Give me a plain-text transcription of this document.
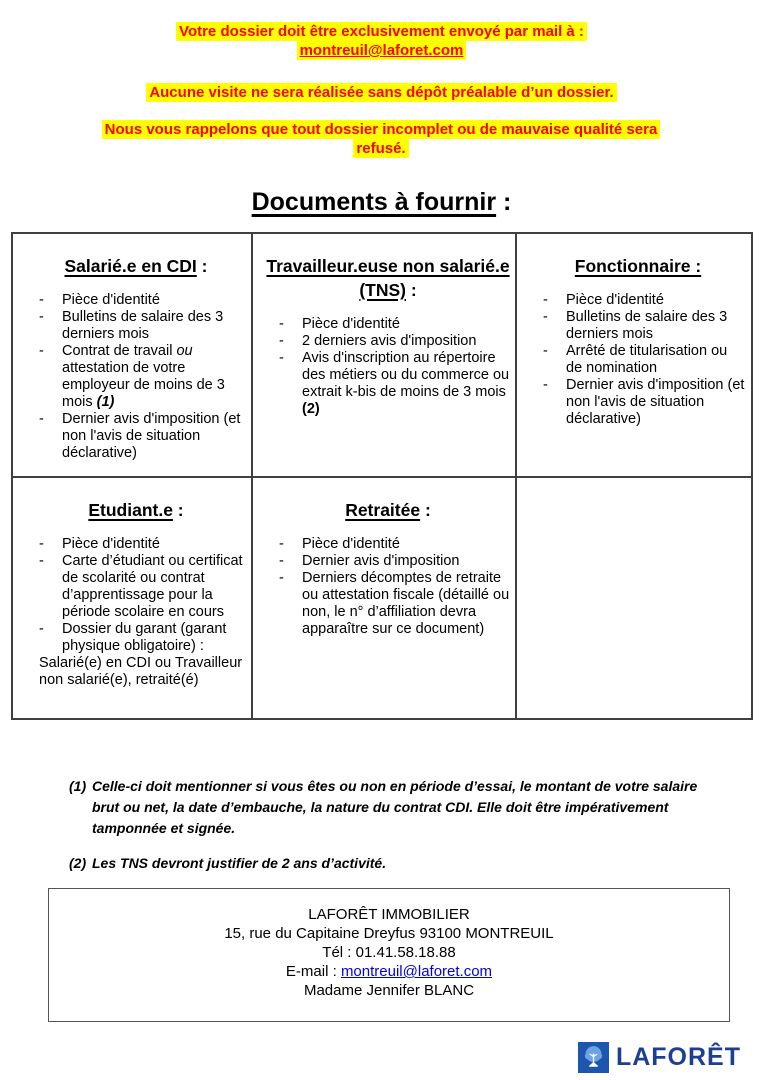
Votre dossier doit être exclusivement envoyé par mail à :
montreuil@laforet.com

Aucune visite ne sera réalisée sans dépôt préalable d’un dossier.

Nous vous rappelons que tout dossier incomplet ou de mauvaise qualité sera refusé.

Documents à fournir :
Salarié.e en CDI :
-	Pièce d'identité
-	Bulletins de salaire des 3 derniers mois
-	Contrat de travail ou attestation de votre employeur de moins de 3 mois (1)
-	Dernier avis d'imposition (et non l'avis de situation déclarative)

Travailleur.euse non salarié.e (TNS) :
-	Pièce d'identité
-	2 derniers avis d'imposition
-	Avis d'inscription au répertoire des métiers ou du commerce ou extrait k-bis de moins de 3 mois (2)

Fonctionnaire :
-	Pièce d'identité
-	Bulletins de salaire des 3 derniers mois
-	Arrêté de titularisation ou de nomination
-	Dernier avis d'imposition (et non l'avis de situation déclarative)

Etudiant.e :
-	Pièce d'identité
-	Carte d’étudiant ou certificat de scolarité ou contrat d’apprentissage pour la période scolaire en cours
-	Dossier du garant (garant physique obligatoire) :
Salarié(e) en CDI ou Travailleur non salarié(e), retraité(é)

Retraitée :
-	Pièce d'identité
-	Dernier avis d'imposition
-	Derniers décomptes de retraite ou attestation fiscale (détaillé ou non, le n° d’affiliation devra apparaître sur ce document)

(1) Celle-ci doit mentionner si vous êtes ou non en période d’essai, le montant de votre salaire brut ou net, la date d’embauche, la nature du contrat CDI. Elle doit être impérativement tamponnée et signée.
(2) Les TNS devront justifier de 2 ans d’activité.
LAFORÊT IMMOBILIER
15, rue du Capitaine Dreyfus 93100 MONTREUIL
Tél : 01.41.58.18.88
E-mail : montreuil@laforet.com
Madame Jennifer BLANC
LAFORÊT
